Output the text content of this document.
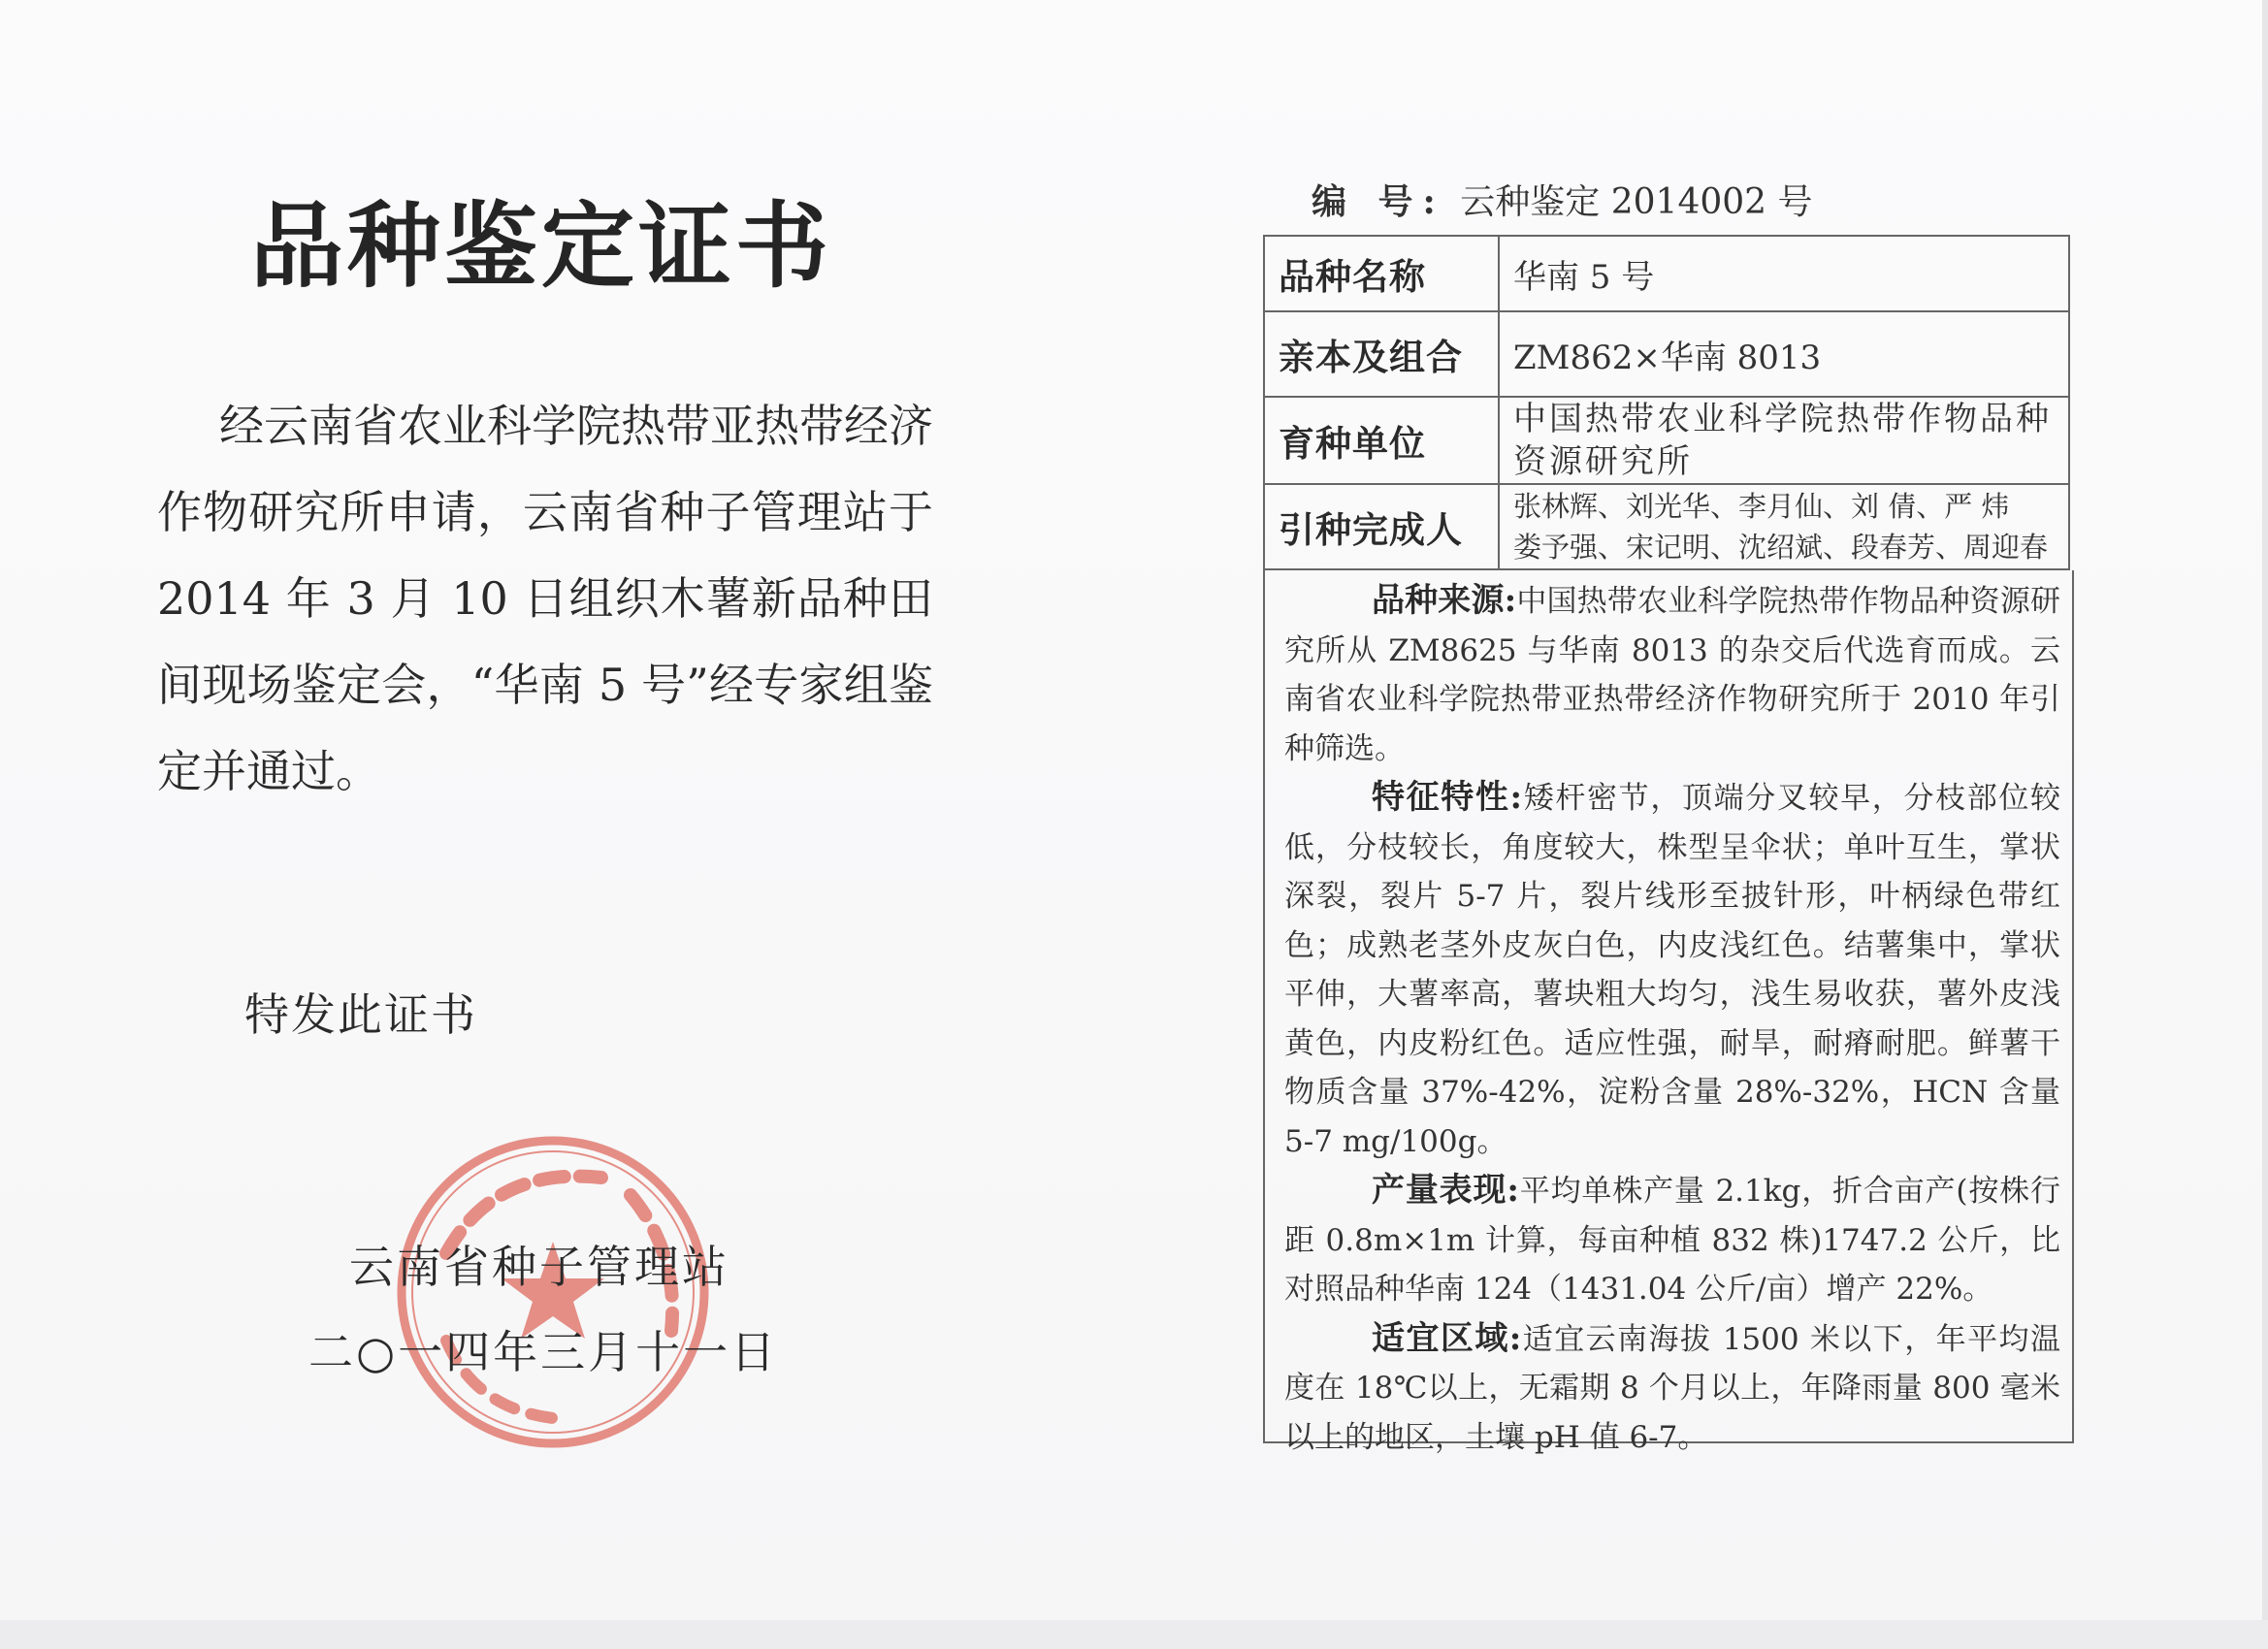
品种鉴定证书
经云南省农业科学院热带亚热带经济作物研究所申请，云南省种子管理站于 2014 年 3 月 10 日组织木薯新品种田间现场鉴定会，“华南 5 号”经专家组鉴定并通过。
特发此证书
云南省种子管理站
二○一四年三月十一日
编 号: 云种鉴定 2014002 号
品种名称	华南 5 号
亲本及组合	ZM862×华南 8013
育种单位	中国热带农业科学院热带作物品种资源研究所
引种完成人	张林辉、刘光华、李月仙、刘 倩、严 炜
娄予强、宋记明、沈绍斌、段春芳、周迎春

品种来源:中国热带农业科学院热带作物品种资源研究所从 ZM8625 与华南 8013 的杂交后代选育而成。云南省农业科学院热带亚热带经济作物研究所于 2010 年引种筛选。

特征特性:矮杆密节，顶端分叉较早，分枝部位较低，分枝较长，角度较大，株型呈伞状；单叶互生，掌状深裂，裂片 5-7 片，裂片线形至披针形，叶柄绿色带红色；成熟老茎外皮灰白色，内皮浅红色。结薯集中，掌状平伸，大薯率高，薯块粗大均匀，浅生易收获，薯外皮浅黄色，内皮粉红色。适应性强，耐旱，耐瘠耐肥。鲜薯干物质含量 37%-42%，淀粉含量 28%-32%，HCN 含量 5-7 mg/100g。

产量表现:平均单株产量 2.1kg，折合亩产(按株行距 0.8m×1m 计算，每亩种植 832 株)1747.2 公斤，比对照品种华南 124（1431.04 公斤/亩）增产 22%。

适宜区域:适宜云南海拔 1500 米以下，年平均温度在 18℃以上，无霜期 8 个月以上，年降雨量 800 毫米以上的地区，土壤 pH 值 6-7。
